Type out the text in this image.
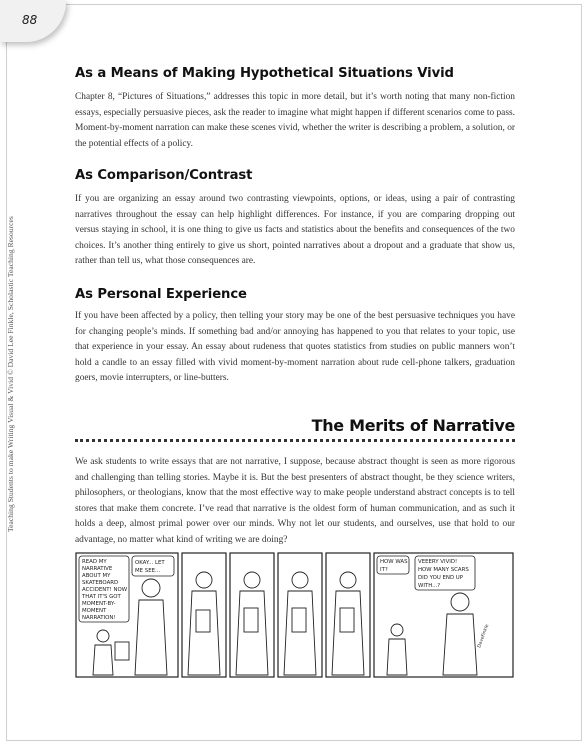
88
Teaching Students to make Writing Visual & Vivid © David Lee Finkle, Scholastic Teaching Resources
As a Means of Making Hypothetical Situations Vivid

Chapter 8, “Pictures of Situations,” addresses this topic in more detail, but it’s worth noting that many non-fiction essays, especially persuasive pieces, ask the reader to imagine what might happen if different scenarios come to pass. Moment-by-moment narration can make these scenes vivid, whether the writer is describing a problem, a solution, or the potential effects of a policy.

As Comparison/Contrast

If you are organizing an essay around two contrasting viewpoints, options, or ideas, using a pair of contrasting narratives throughout the essay can help highlight differences. For instance, if you are comparing dropping out versus staying in school, it is one thing to give us facts and statistics about the benefits and consequences of the two choices. It’s another thing entirely to give us short, pointed narratives about a dropout and a graduate that show us, rather than tell us, what those consequences are.

As Personal Experience

If you have been affected by a policy, then telling your story may be one of the best persuasive techniques you have for changing people’s minds. If something bad and/or annoying has happened to you that relates to your topic, use that experience in your essay. An essay about rudeness that quotes statistics from studies on public manners won’t hold a candle to an essay filled with vivid moment-by-moment narration about rude cell-phone talkers, graduation goers, movie interrupters, or line-butters.

The Merits of Narrative

We ask students to write essays that are not narrative, I suppose, because abstract thought is seen as more rigorous and challenging than telling stories. Maybe it is. But the best presenters of abstract thought, be they science writers, philosophers, or theologians, know that the most effective way to make people understand abstract concepts is to tell stores that make them concrete. I’ve read that narrative is the oldest form of human communication, and as such it holds a deep, almost primal power over our minds. Why not let our students, and ourselves, use that hold to our advantage, no matter what kind of writing we are doing?

READ MY
NARRATIVE
ABOUT MY
SKATEBOARD
ACCIDENT! NOW
THAT IT'S GOT
MOMENT-BY-
MOMENT
NARRATION!
OKAY... LET
ME SEE...
HOW WAS
IT?
VEEERY VIVID!
HOW MANY SCARS
DID YOU END UP
WITH...?
DaveFinkle
